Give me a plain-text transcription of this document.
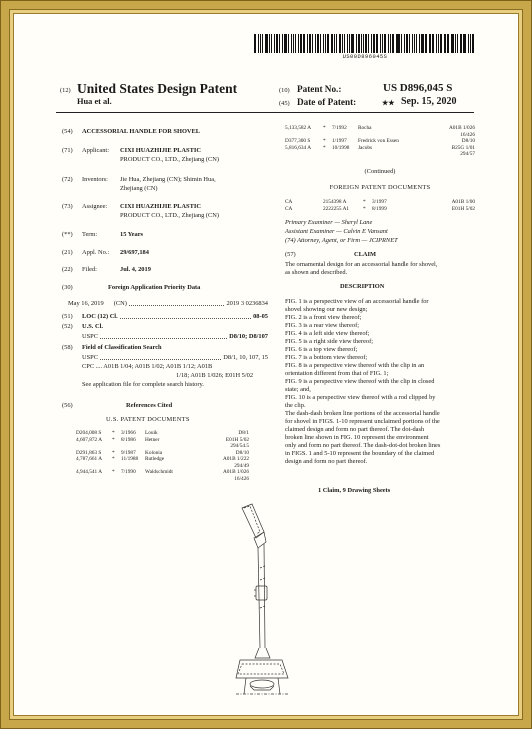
US00D896045S
(12) United States Design Patent
Hua et al.
(10) Patent No.:	US D896,045 S
(45) Date of Patent:	★★ Sep. 15, 2020
(54) ACCESSORIAL HANDLE FOR SHOVEL
(71) Applicant: CIXI HUAZHIJIE PLASTIC
PRODUCT CO., LTD., Zhejiang (CN)
(72) Inventors: Jie Hua, Zhejiang (CN); Shimin Hua,
Zhejiang (CN)
(73) Assignee: CIXI HUAZHIJIE PLASTIC
PRODUCT CO., LTD., Zhejiang (CN)
(**) Term:	15 Years
(21) Appl. No.: 29/697,184
(22) Filed:	Jul. 4, 2019
(30)	Foreign Application Priority Data
May 16, 2019 (CN)	2019 3 0236834
(51) LOC (12) Cl.	08-05
(52) U.S. Cl.
USPC	D8/10; D8/107
(58) Field of Classification Search
USPC	D8/1, 10, 107, 15
CPC .... A01B 1/04; A01B 1/02; A01B 1/12; A01B
1/18; A01B 1/026; E01H 5/02
See application file for complete search history.
(56)	References Cited
U.S. PATENT DOCUMENTS
D204,008 S	*	3/1966	Louik	D8/1
4,607,872 A	*	8/1986	Hetner	E01H 5/02
294/54.5
D291,863 S	*	9/1987	Kolonia	D8/10
4,787,661 A	*	11/1988	Rutledge	A01B 1/222
294/49
4,944,541 A	*	7/1990	Waldschmidt	A01B 1/026
16/426
5,133,582 A	*	7/1992	Rocha	A01B 1/026
16/426
D377,300 S	*	1/1997	Fredrick von Essen	D8/10
5,816,634 A	*	10/1998	Jacobs	B25G 1/01
294/57
(Continued)
FOREIGN PATENT DOCUMENTS
CA	2154398 A	*	3/1997	A01B 1/00
CA	2222255 A1	*	8/1999	E01H 5/02
Primary Examiner — Sheryl Lane
Assistant Examiner — Calvin E Vansant
(74) Attorney, Agent, or Firm — JCIPRNET
(57)	CLAIM
The ornamental design for an accessorial handle for shovel,
as shown and described.
DESCRIPTION

FIG. 1 is a perspective view of an accessorial handle for

shovel showing our new design;

FIG. 2 is a front view thereof;

FIG. 3 is a rear view thereof;

FIG. 4 is a left side view thereof;

FIG. 5 is a right side view thereof;

FIG. 6 is a top view thereof;

FIG. 7 is a bottom view thereof;

FIG. 8 is a perspective view thereof with the clip in an

orientation different from that of FIG. 1;

FIG. 9 is a perspective view thereof with the clip in closed

state; and,

FIG. 10 is a perspective view thereof with a rod clipped by

the clip.

The dash-dash broken line portions of the accessorial handle

for shovel in FIGS. 1-10 represent unclaimed portions of the

claimed design and form no part thereof. The dot-dash

broken line shown in FIG. 10 represent the environment

only and form no part thereof. The dash-dot-dot broken lines

in FIGS. 1 and 5-10 represent the boundary of the claimed

design and form no part thereof.

1 Claim, 9 Drawing Sheets
